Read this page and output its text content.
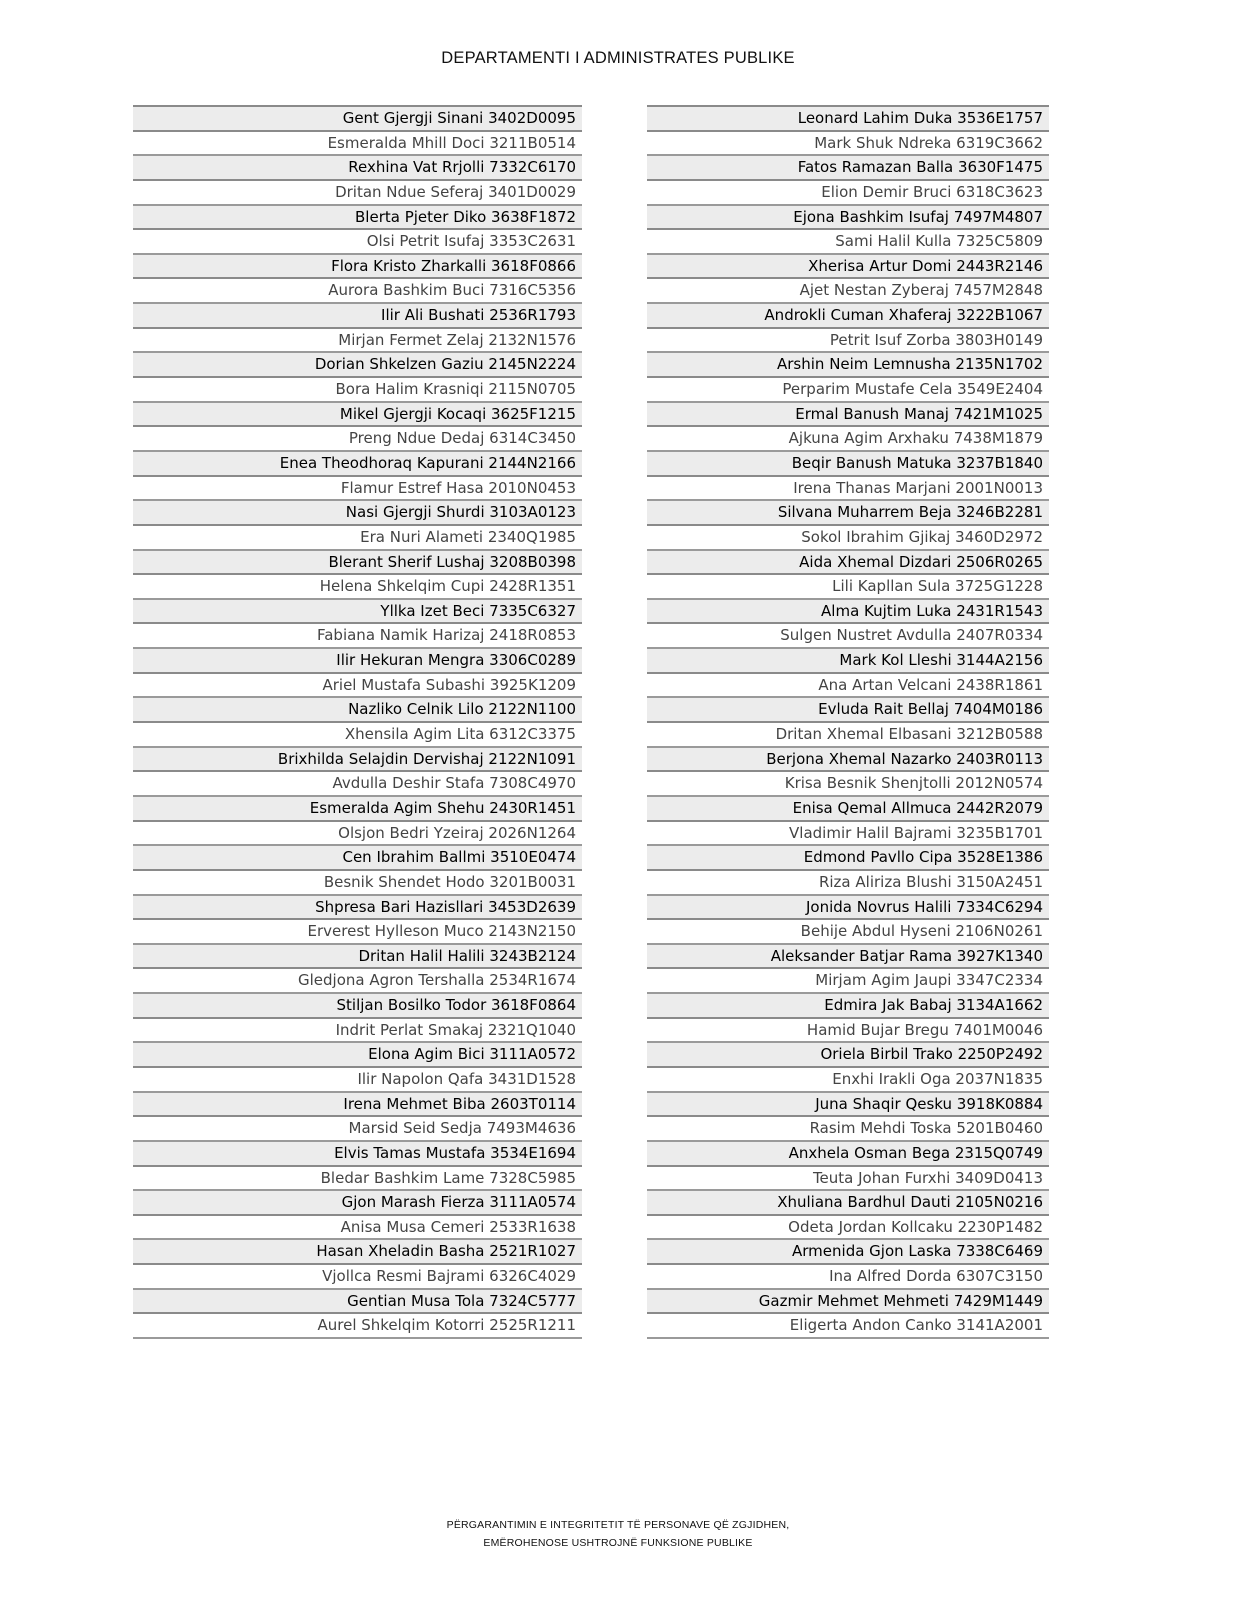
DEPARTAMENTI I ADMINISTRATES PUBLIKE
Gent Gjergji Sinani 3402D0095
Esmeralda Mhill Doci 3211B0514
Rexhina Vat Rrjolli 7332C6170
Dritan Ndue Seferaj 3401D0029
Blerta Pjeter Diko 3638F1872
Olsi Petrit Isufaj 3353C2631
Flora Kristo Zharkalli 3618F0866
Aurora Bashkim Buci 7316C5356
Ilir Ali Bushati 2536R1793
Mirjan Fermet Zelaj 2132N1576
Dorian Shkelzen Gaziu 2145N2224
Bora Halim Krasniqi 2115N0705
Mikel Gjergji Kocaqi 3625F1215
Preng Ndue Dedaj 6314C3450
Enea Theodhoraq Kapurani 2144N2166
Flamur Estref Hasa 2010N0453
Nasi Gjergji Shurdi 3103A0123
Era Nuri Alameti 2340Q1985
Blerant Sherif Lushaj 3208B0398
Helena Shkelqim Cupi 2428R1351
Yllka Izet Beci 7335C6327
Fabiana Namik Harizaj 2418R0853
Ilir Hekuran Mengra 3306C0289
Ariel Mustafa Subashi 3925K1209
Nazliko Celnik Lilo 2122N1100
Xhensila Agim Lita 6312C3375
Brixhilda Selajdin Dervishaj 2122N1091
Avdulla Deshir Stafa 7308C4970
Esmeralda Agim Shehu 2430R1451
Olsjon Bedri Yzeiraj 2026N1264
Cen Ibrahim Ballmi 3510E0474
Besnik Shendet Hodo 3201B0031
Shpresa Bari Hazisllari 3453D2639
Erverest Hylleson Muco 2143N2150
Dritan Halil Halili 3243B2124
Gledjona Agron Tershalla 2534R1674
Stiljan Bosilko Todor 3618F0864
Indrit Perlat Smakaj 2321Q1040
Elona Agim Bici 3111A0572
Ilir Napolon Qafa 3431D1528
Irena Mehmet Biba 2603T0114
Marsid Seid Sedja 7493M4636
Elvis Tamas Mustafa 3534E1694
Bledar Bashkim Lame 7328C5985
Gjon Marash Fierza 3111A0574
Anisa Musa Cemeri 2533R1638
Hasan Xheladin Basha 2521R1027
Vjollca Resmi Bajrami 6326C4029
Gentian Musa Tola 7324C5777
Aurel Shkelqim Kotorri 2525R1211
Leonard Lahim Duka 3536E1757
Mark Shuk Ndreka 6319C3662
Fatos Ramazan Balla 3630F1475
Elion Demir Bruci 6318C3623
Ejona Bashkim Isufaj 7497M4807
Sami Halil Kulla 7325C5809
Xherisa Artur Domi 2443R2146
Ajet Nestan Zyberaj 7457M2848
Androkli Cuman Xhaferaj 3222B1067
Petrit Isuf Zorba 3803H0149
Arshin Neim Lemnusha 2135N1702
Perparim Mustafe Cela 3549E2404
Ermal Banush Manaj 7421M1025
Ajkuna Agim Arxhaku 7438M1879
Beqir Banush Matuka 3237B1840
Irena Thanas Marjani 2001N0013
Silvana Muharrem Beja 3246B2281
Sokol Ibrahim Gjikaj 3460D2972
Aida Xhemal Dizdari 2506R0265
Lili Kapllan Sula 3725G1228
Alma Kujtim Luka 2431R1543
Sulgen Nustret Avdulla 2407R0334
Mark Kol Lleshi 3144A2156
Ana Artan Velcani 2438R1861
Evluda Rait Bellaj 7404M0186
Dritan Xhemal Elbasani 3212B0588
Berjona Xhemal Nazarko 2403R0113
Krisa Besnik Shenjtolli 2012N0574
Enisa Qemal Allmuca 2442R2079
Vladimir Halil Bajrami 3235B1701
Edmond Pavllo Cipa 3528E1386
Riza Aliriza Blushi 3150A2451
Jonida Novrus Halili 7334C6294
Behije Abdul Hyseni 2106N0261
Aleksander Batjar Rama 3927K1340
Mirjam Agim Jaupi 3347C2334
Edmira Jak Babaj 3134A1662
Hamid Bujar Bregu 7401M0046
Oriela Birbil Trako 2250P2492
Enxhi Irakli Oga 2037N1835
Juna Shaqir Qesku 3918K0884
Rasim Mehdi Toska 5201B0460
Anxhela Osman Bega 2315Q0749
Teuta Johan Furxhi 3409D0413
Xhuliana Bardhul Dauti 2105N0216
Odeta Jordan Kollcaku 2230P1482
Armenida Gjon Laska 7338C6469
Ina Alfred Dorda 6307C3150
Gazmir Mehmet Mehmeti 7429M1449
Eligerta Andon Canko 3141A2001
PËRGARANTIMIN E INTEGRITETIT TË PERSONAVE QË ZGJIDHEN,
EMËROHENOSE USHTROJNË FUNKSIONE PUBLIKE
